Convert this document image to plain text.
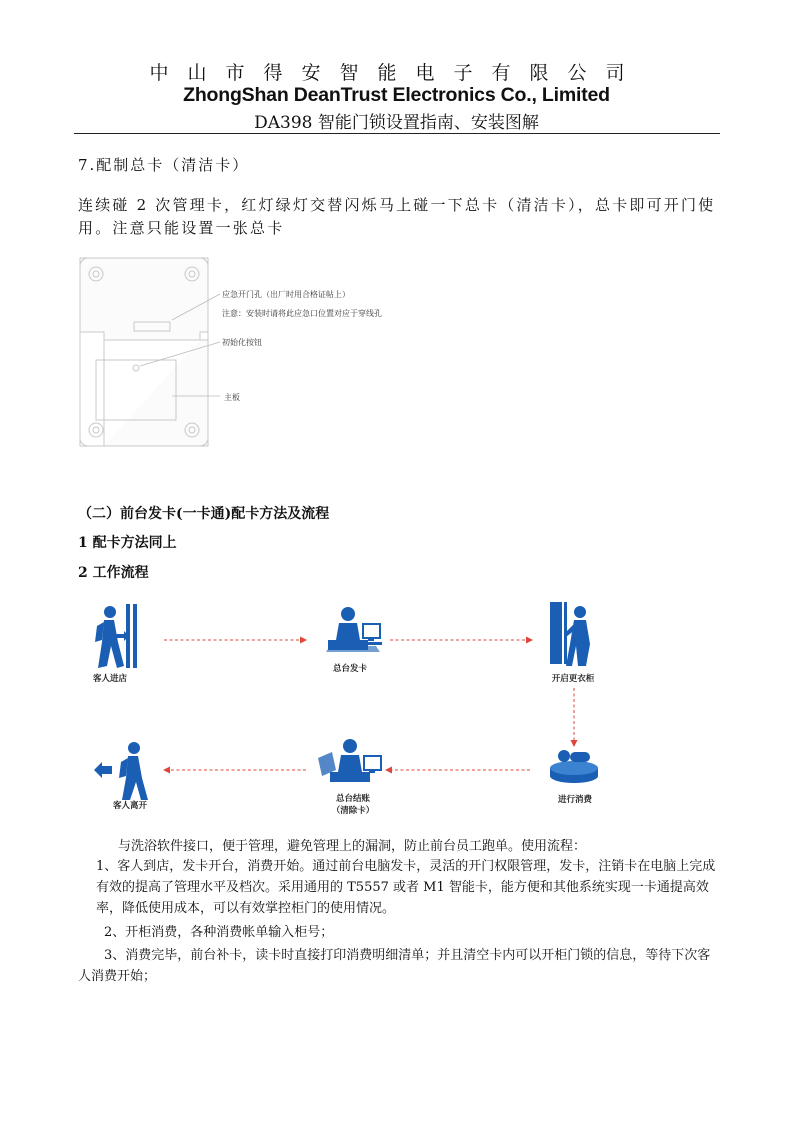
中山市得安智能电子有限公司
ZhongShan DeanTrust Electronics Co., Limited
DA398 智能门锁设置指南、安装图解
7.配制总卡（清洁卡）
连续碰 2 次管理卡，红灯绿灯交替闪烁马上碰一下总卡（清洁卡），总卡即可开门使用。注意只能设置一张总卡
应急开门孔（出厂时用合格证帖上）
注意：安装时请将此应急口位置对应于穿线孔
初始化按钮
主板
（二）前台发卡(一卡通)配卡方法及流程
1 配卡方法同上
2 工作流程
客人进店
总台发卡
开启更衣柜
进行消费
总台结账
（清除卡）
客人离开
与洗浴软件接口，便于管理，避免管理上的漏洞，防止前台员工跑单。使用流程：
1、客人到店，发卡开台，消费开始。通过前台电脑发卡，灵活的开门权限管理，发卡，注销卡在电脑上完成有效的提高了管理水平及档次。采用通用的 T5557 或者 M1 智能卡，能方便和其他系统实现一卡通提高效率，降低使用成本，可以有效掌控柜门的使用情况。
2、开柜消费，各种消费帐单输入柜号；
3、消费完毕，前台补卡，读卡时直接打印消费明细清单；并且清空卡内可以开柜门锁的信息，等待下次客人消费开始；
